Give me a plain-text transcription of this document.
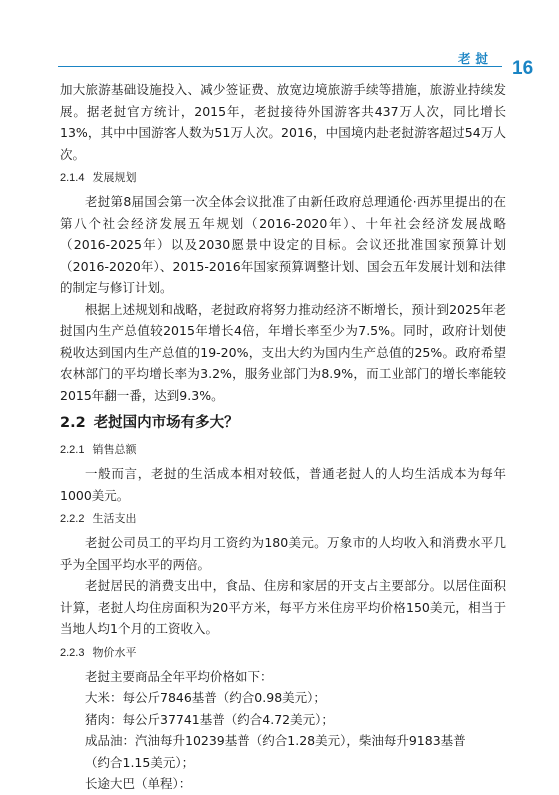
老挝 16

加大旅游基础设施投入、减少签证费、放宽边境旅游手续等措施，旅游业持续发展。据老挝官方统计，2015年，老挝接待外国游客共437万人次，同比增长13%，其中中国游客人数为51万人次。2016，中国境内赴老挝游客超过54万人次。

2.1.4 发展规划

老挝第8届国会第一次全体会议批准了由新任政府总理通伦·西苏里提出的在第八个社会经济发展五年规划（2016-2020年）、十年社会经济发展战略（2016-2025年）以及2030愿景中设定的目标。会议还批准国家预算计划（2016-2020年）、2015-2016年国家预算调整计划、国会五年发展计划和法律的制定与修订计划。

根据上述规划和战略，老挝政府将努力推动经济不断增长，预计到2025年老挝国内生产总值较2015年增长4倍，年增长率至少为7.5%。同时，政府计划使税收达到国内生产总值的19-20%，支出大约为国内生产总值的25%。政府希望农林部门的平均增长率为3.2%，服务业部门为8.9%，而工业部门的增长率能较2015年翻一番，达到9.3%。

2.2 老挝国内市场有多大？
2.2.1 销售总额

一般而言，老挝的生活成本相对较低，普通老挝人的人均生活成本为每年1000美元。

2.2.2 生活支出

老挝公司员工的平均月工资约为180美元。万象市的人均收入和消费水平几乎为全国平均水平的两倍。

老挝居民的消费支出中，食品、住房和家居的开支占主要部分。以居住面积计算，老挝人均住房面积为20平方米，每平方米住房平均价格150美元，相当于当地人均1个月的工资收入。

2.2.3 物价水平

老挝主要商品全年平均价格如下：

大米：每公斤7846基普（约合0.98美元）；

猪肉：每公斤37741基普（约合4.72美元）；

成品油：汽油每升10239基普（约合1.28美元），柴油每升9183基普

（约合1.15美元）；

长途大巴（单程）：
